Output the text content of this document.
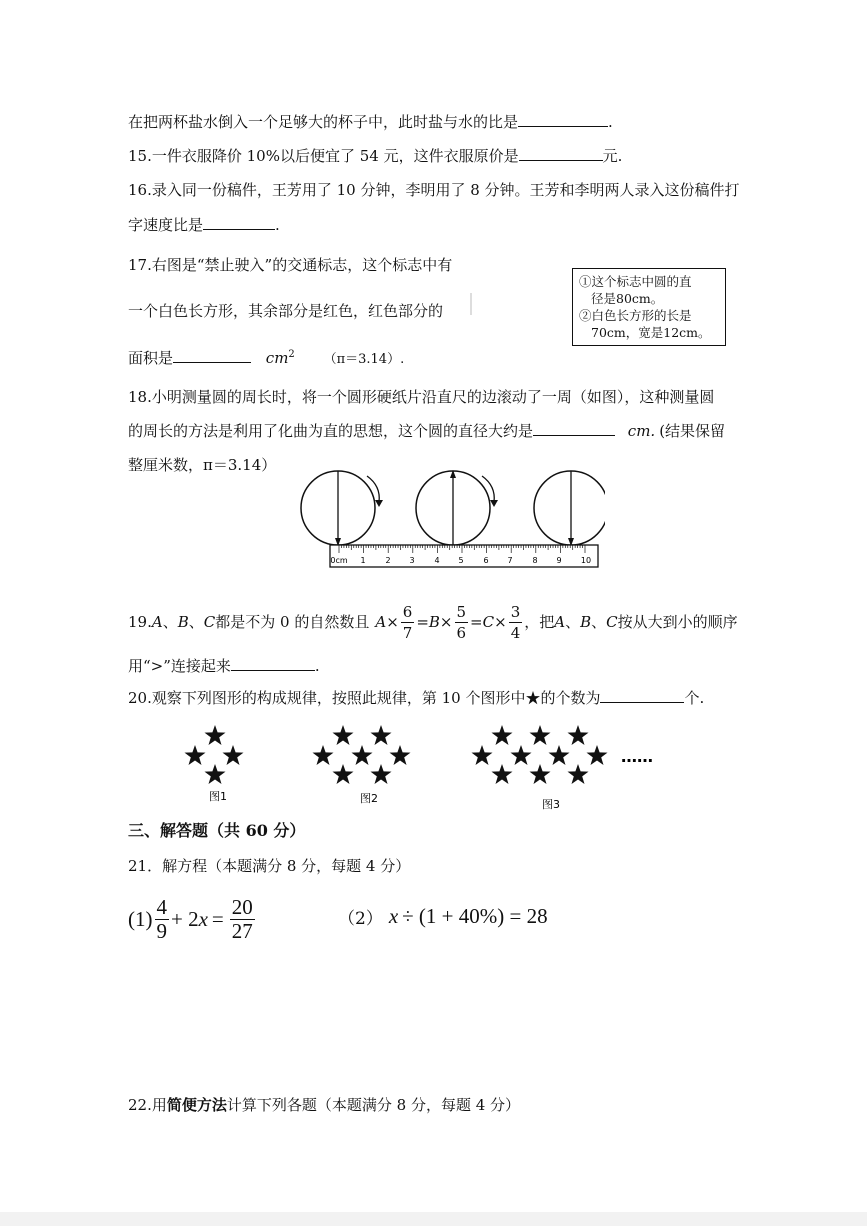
在把两杯盐水倒入一个足够大的杯子中，此时盐与水的比是	.
15.一件衣服降价 10%以后便宜了 54 元，这件衣服原价是	元.
16.录入同一份稿件，王芳用了 10 分钟，李明用了 8 分钟。王芳和李明两人录入这份稿件打
字速度比是	.
17.右图是“禁止驶入”的交通标志，这个标志中有
一个白色长方形，其余部分是红色，红色部分的
面积是	$cm^2$ （π＝3.14）.
①这个标志中圆的直
径是80cm。
②白色长方形的长是
70cm，宽是12cm。
18.小明测量圆的周长时，将一个圆形硬纸片沿直尺的边滚动了一周（如图），这种测量圆
的周长的方法是利用了化曲为直的思想，这个圆的直径大约是	cm. (结果保留
整厘米数，π＝3.14）
0cm 1 2 3 4 5 6 7 8 9 10
19. A 、 B 、 C 都是不为 0 的自然数且 $A \times \frac{6}{7} = B \times \frac{5}{6} = C \times \frac{3}{4}$ ，把 A 、 B 、 C 按从大到小的顺序
用“>”连接起来	.
20.观察下列图形的构成规律，按照此规律，第 10 个图形中★的个数为	个.
……
图1	图2	图3
三、解答题（共 60 分）
21．解方程（本题满分 8 分，每题 4 分）
$(1) \frac{4}{9} + 2$ $x = \frac{20}{27}$	（2） x ÷ (1 + 40%) = 28
22.用简便方法计算下列各题（本题满分 8 分，每题 4 分）
